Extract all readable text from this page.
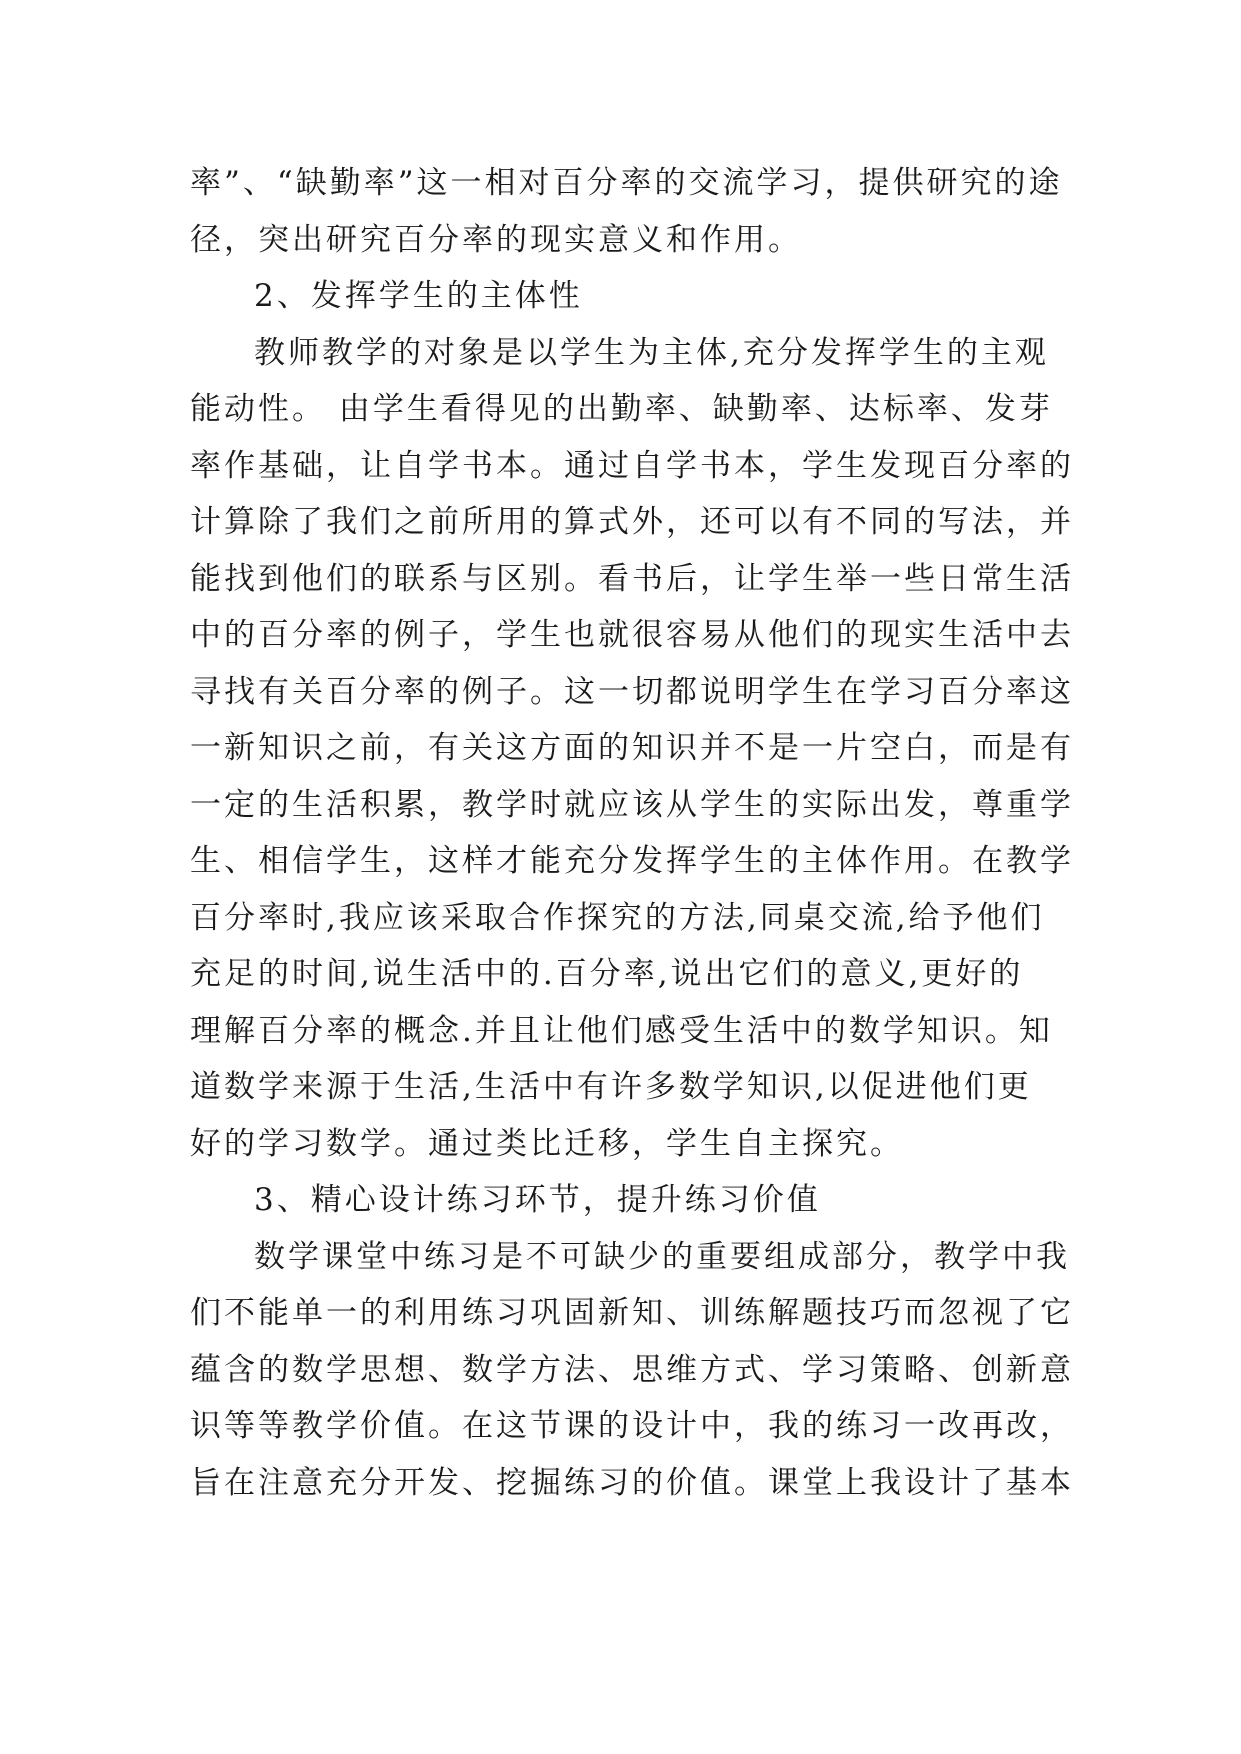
率”、“缺勤率”这一相对百分率的交流学习，提供研究的途
径，突出研究百分率的现实意义和作用。
2、发挥学生的主体性
教师教学的对象是以学生为主体,充分发挥学生的主观
能动性。 由学生看得见的出勤率、缺勤率、达标率、发芽
率作基础，让自学书本。通过自学书本，学生发现百分率的
计算除了我们之前所用的算式外，还可以有不同的写法，并
能找到他们的联系与区别。看书后，让学生举一些日常生活
中的百分率的例子，学生也就很容易从他们的现实生活中去
寻找有关百分率的例子。这一切都说明学生在学习百分率这
一新知识之前，有关这方面的知识并不是一片空白，而是有
一定的生活积累，教学时就应该从学生的实际出发，尊重学
生、相信学生，这样才能充分发挥学生的主体作用。在教学
百分率时,我应该采取合作探究的方法,同桌交流,给予他们
充足的时间,说生活中的.百分率,说出它们的意义,更好的
理解百分率的概念.并且让他们感受生活中的数学知识。知
道数学来源于生活,生活中有许多数学知识,以促进他们更
好的学习数学。通过类比迁移，学生自主探究。
3、精心设计练习环节，提升练习价值
数学课堂中练习是不可缺少的重要组成部分，教学中我
们不能单一的利用练习巩固新知、训练解题技巧而忽视了它
蕴含的数学思想、数学方法、思维方式、学习策略、创新意
识等等教学价值。在这节课的设计中，我的练习一改再改，
旨在注意充分开发、挖掘练习的价值。课堂上我设计了基本
